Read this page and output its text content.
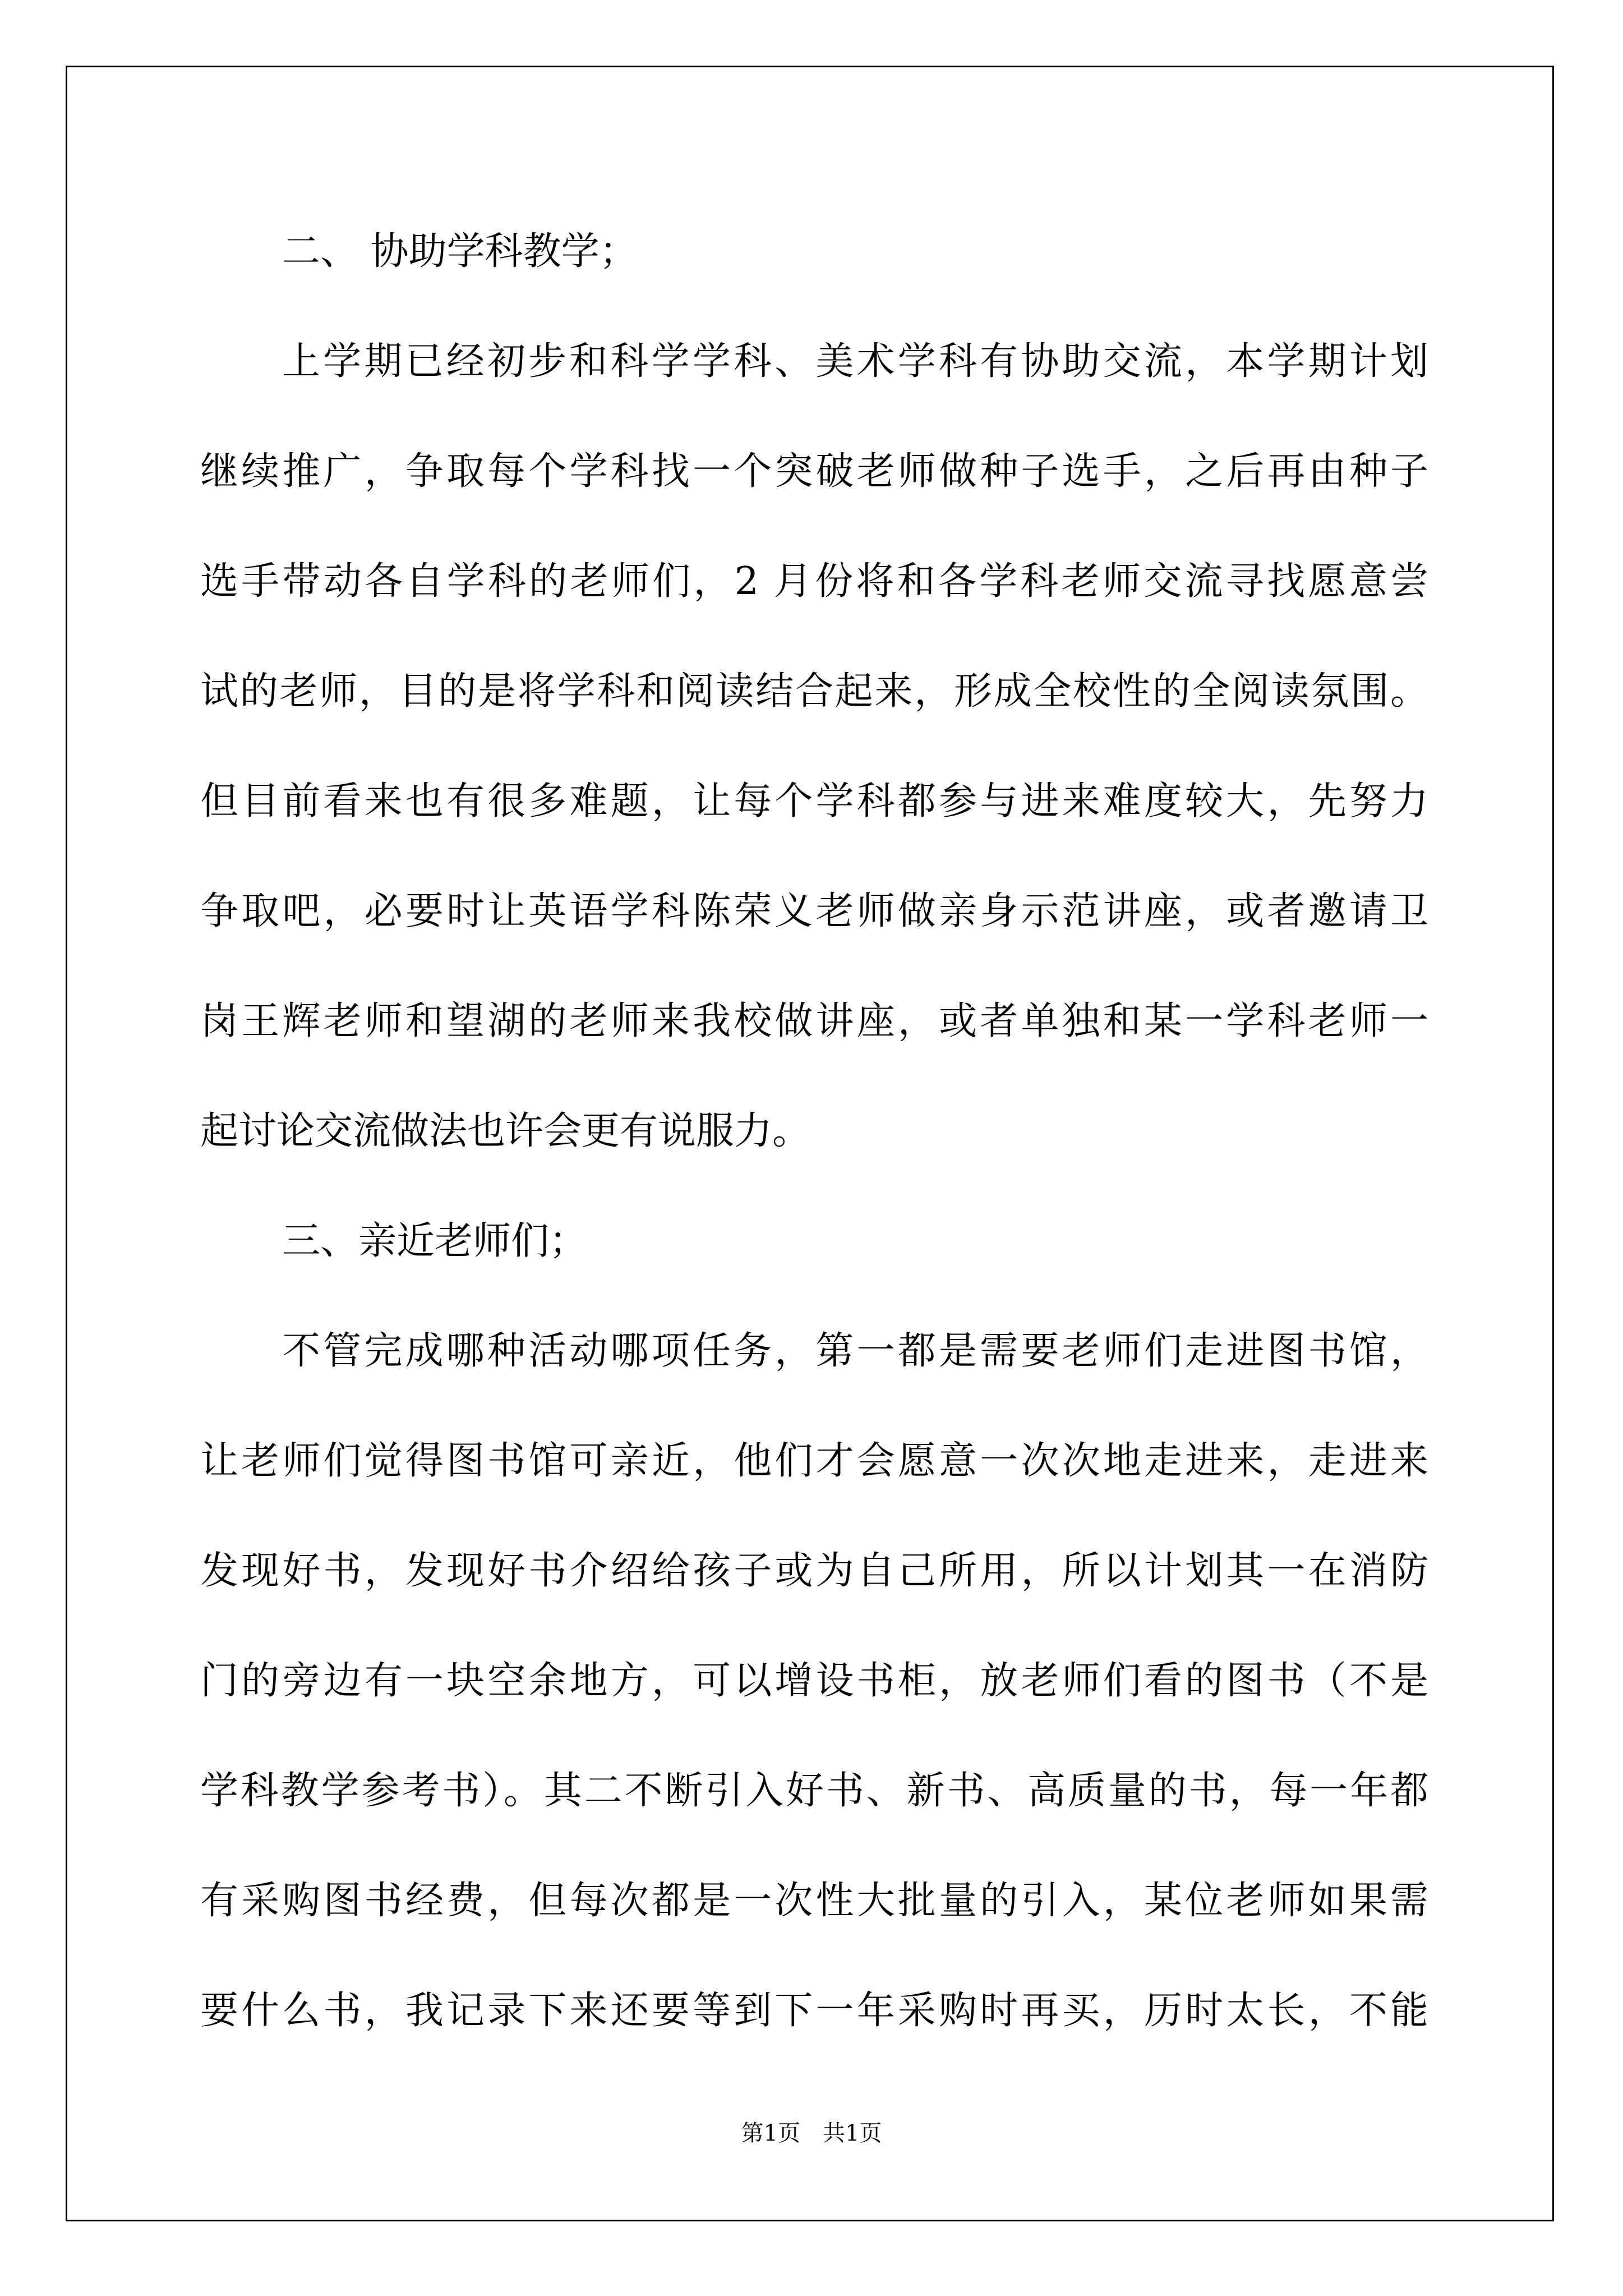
二、 协助学科教学；
上学期已经初步和科学学科、美术学科有协助交流，本学期计划
继续推广，争取每个学科找一个突破老师做种子选手，之后再由种子
选手带动各自学科的老师们，2 月份将和各学科老师交流寻找愿意尝
试的老师，目的是将学科和阅读结合起来，形成全校性的全阅读氛围。
但目前看来也有很多难题，让每个学科都参与进来难度较大，先努力
争取吧，必要时让英语学科陈荣义老师做亲身示范讲座，或者邀请卫
岗王辉老师和望湖的老师来我校做讲座，或者单独和某一学科老师一
起讨论交流做法也许会更有说服力。
三、亲近老师们；
不管完成哪种活动哪项任务，第一都是需要老师们走进图书馆，
让老师们觉得图书馆可亲近，他们才会愿意一次次地走进来，走进来
发现好书，发现好书介绍给孩子或为自己所用，所以计划其一在消防
门的旁边有一块空余地方，可以增设书柜，放老师们看的图书（不是
学科教学参考书）。其二不断引入好书、新书、高质量的书，每一年都
有采购图书经费，但每次都是一次性大批量的引入，某位老师如果需
要什么书，我记录下来还要等到下一年采购时再买，历时太长，不能
第1页　共1页
